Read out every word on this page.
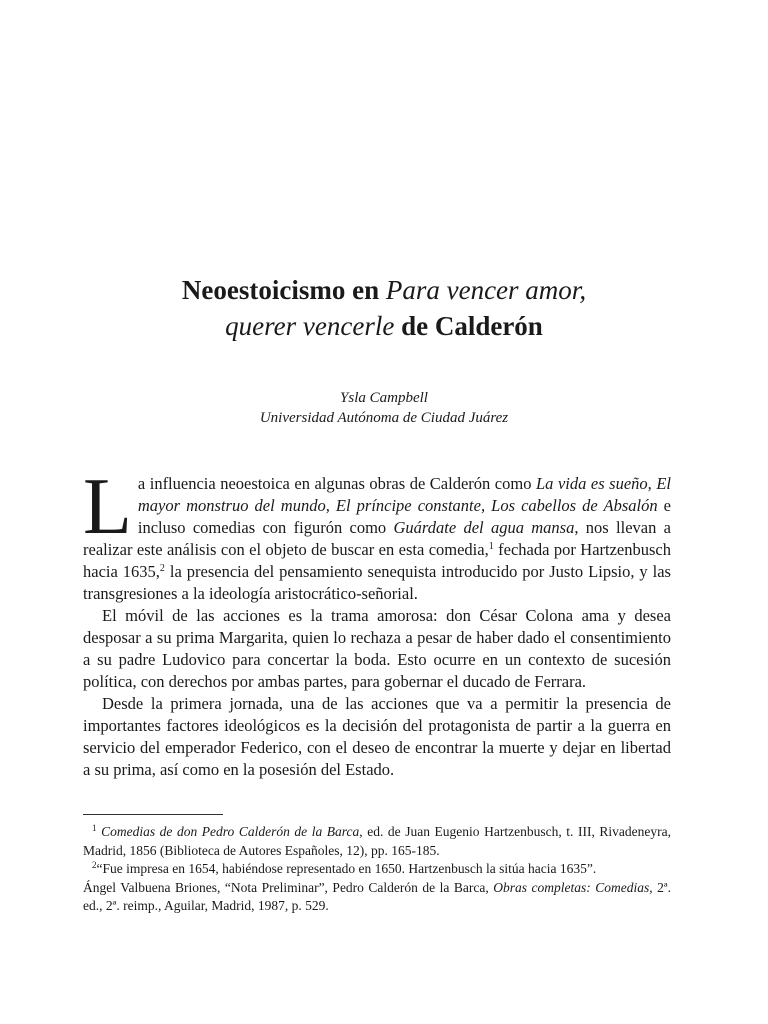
Neoestoicismo en Para vencer amor,
querer vencerle de Calderón
Ysla Campbell
Universidad Autónoma de Ciudad Juárez

La influencia neoestoica en algunas obras de Calderón como La vida es sueño, El mayor monstruo del mundo, El príncipe constante, Los cabellos de Absalón e incluso comedias con figurón como Guárdate del agua mansa, nos llevan a realizar este análisis con el objeto de buscar en esta comedia,$^1$ fechada por Hartzenbusch hacia 1635,$^2$ la presencia del pensamiento senequista introducido por Justo Lipsio, y las transgresiones a la ideología aristocrático-señorial.

El móvil de las acciones es la trama amorosa: don César Colona ama y desea desposar a su prima Margarita, quien lo rechaza a pesar de haber dado el consentimiento a su padre Ludovico para concertar la boda. Esto ocurre en un contexto de sucesión política, con derechos por ambas partes, para gobernar el ducado de Ferrara.

Desde la primera jornada, una de las acciones que va a permitir la presencia de importantes factores ideológicos es la decisión del protagonista de partir a la guerra en servicio del emperador Federico, con el deseo de encontrar la muerte y dejar en libertad a su prima, así como en la posesión del Estado.

$^1$ Comedias de don Pedro Calderón de la Barca, ed. de Juan Eugenio Hartzenbusch, t. III, Rivadeneyra, Madrid, 1856 (Biblioteca de Autores Españoles, 12), pp. 165-185.

$^2$“Fue impresa en 1654, habiéndose representado en 1650. Hartzenbusch la sitúa hacia 1635”.

Ángel Valbuena Briones, “Nota Preliminar”, Pedro Calderón de la Barca, Obras completas: Comedias, 2ª. ed., 2ª. reimp., Aguilar, Madrid, 1987, p. 529.
